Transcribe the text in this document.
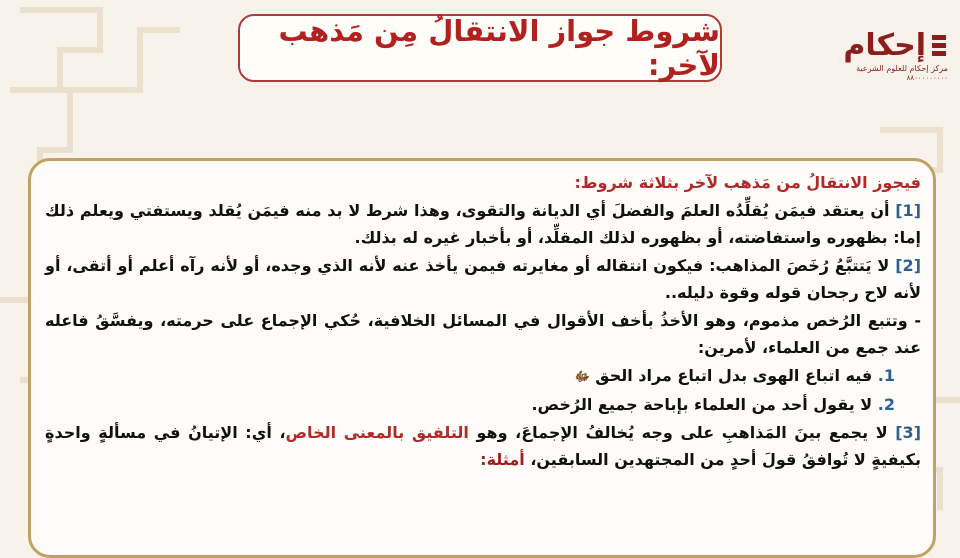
إحكام
مركز إحكام للعلوم الشرعية
٨٨٠٠٠٠٠٠٠٠٠
شروط جواز الانتقالُ مِن مَذهب لآخر:

فيجوز الانتقالُ من مَذهب لآخر بثلاثة شروط:

[1] أن يعتقد فيمَن يُقلِّدُه العلمَ والفضلَ أي الديانة والتقوى، وهذا شرط لا بد منه فيمَن يُقلد ويستفتي ويعلم ذلك إما: بظهوره واستفاضته، أو بظهوره لذلك المقلِّد، أو بأخبار غيره له بذلك.

[2] لا يَتتبَّعُ رُخَصَ المذاهب: فيكون انتقاله أو مغايرته فيمن يأخذ عنه لأنه الذي وجده، أو لأنه رآه أعلم أو أتقى، أو لأنه لاح رجحان قوله وقوة دليله..

- وتتبع الرُخص مذموم، وهو الأخذُ بأخف الأقوال في المسائل الخلافية، حُكي الإجماع على حرمته، ويفسَّقُ فاعله عند جمع من العلماء، لأمرين:

1. فيه اتباع الهوى بدل اتباع مراد الحق ﷻ

2. لا يقول أحد من العلماء بإباحة جميع الرُخص.

[3] لا يجمع بينَ المَذاهبِ على وجه يُخالفُ الإجماعَ، وهو التلفيق بالمعنى الخاص، أي: الإتيانُ في مسألةٍ واحدةٍ بكيفيةٍ لا تُوافقُ قولَ أحدٍ من المجتهدين السابقين، أمثلة:
